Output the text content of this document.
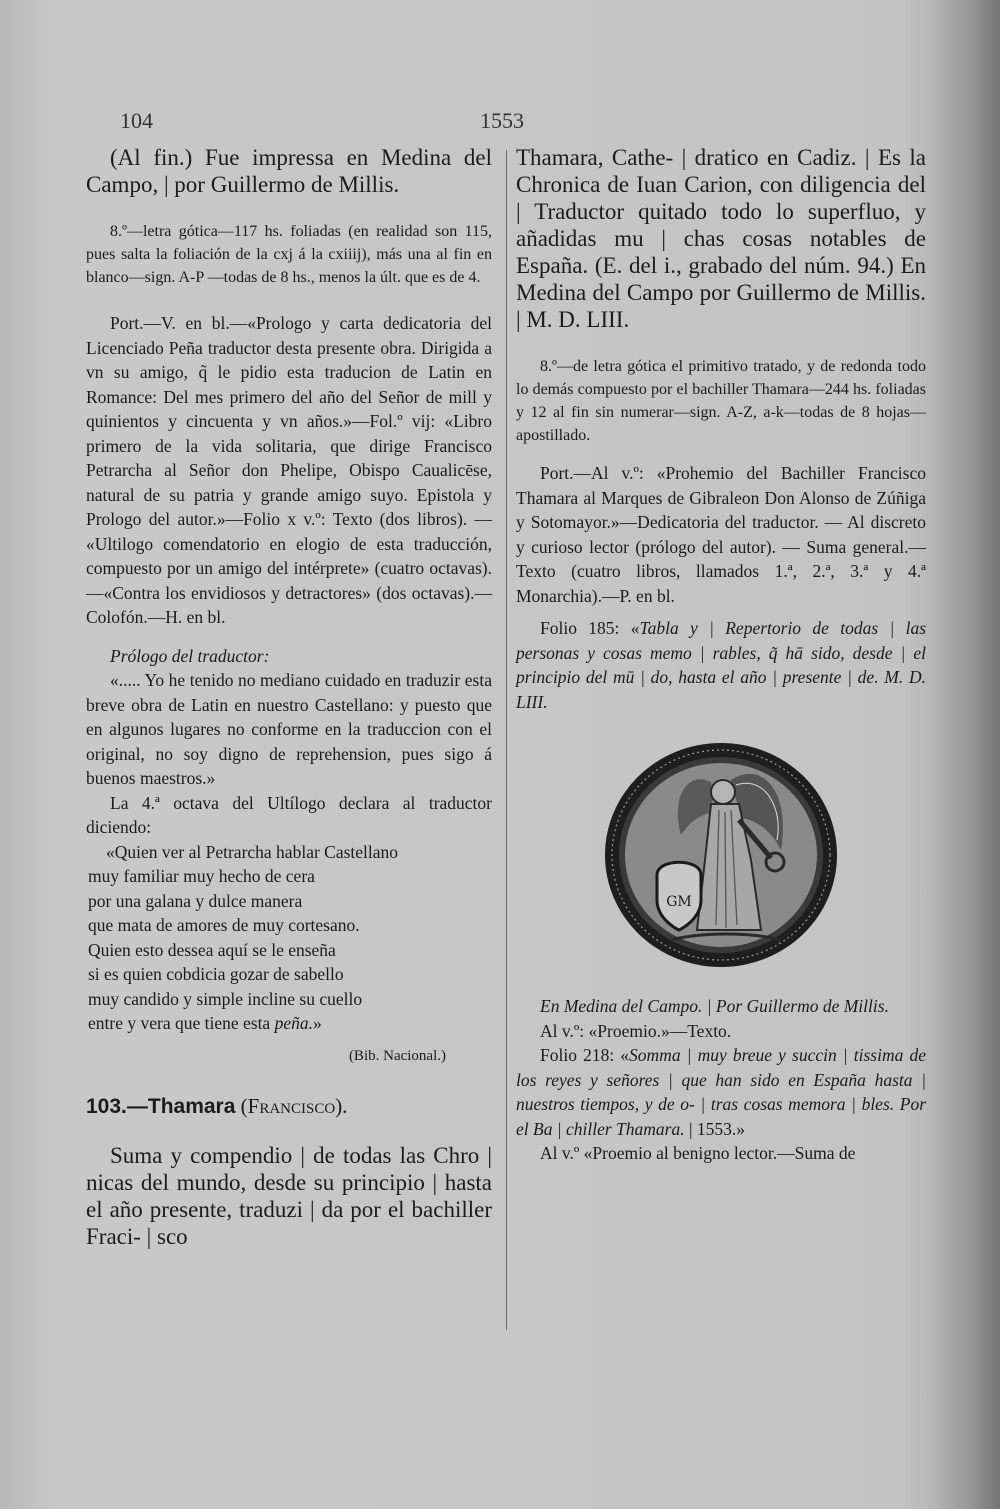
104	1553

(Al fin.) Fue impressa en Medina del Campo, | por Guillermo de Millis.

8.º—letra gótica—117 hs. foliadas (en realidad son 115, pues salta la foliación de la cxj á la cxiiij), más una al fin en blanco—sign. A-P —todas de 8 hs., menos la últ. que es de 4.

Port.—V. en bl.—«Prologo y carta dedicatoria del Licenciado Peña traductor desta presente obra. Dirigida a vn su amigo, q̃ le pidio esta traducion de Latin en Romance: Del mes primero del año del Señor de mill y quinientos y cincuenta y vn años.»—Fol.º vij: «Libro primero de la vida solitaria, que dirige Francisco Petrarcha al Señor don Phelipe, Obispo Caualicēse, natural de su patria y grande amigo suyo. Epistola y Prologo del autor.»—Folio x v.º: Texto (dos libros). — «Ultilogo comendatorio en elogio de esta traducción, compuesto por un amigo del intérprete» (cuatro octavas).—«Contra los envidiosos y detractores» (dos octavas).—Colofón.—H. en bl.

Prólogo del traductor:

«..... Yo he tenido no mediano cuidado en traduzir esta breve obra de Latin en nuestro Castellano: y puesto que en algunos lugares no conforme en la traduccion con el original, no soy digno de reprehension, pues sigo á buenos maestros.»

La 4.ª octava del Ultílogo declara al traductor diciendo:

«Quien ver al Petrarcha hablar Castellano
muy familiar muy hecho de cera
por una galana y dulce manera
que mata de amores de muy cortesano.
Quien esto dessea aquí se le enseña
si es quien cobdicia gozar de sabello
muy candido y simple incline su cuello
entre y vera que tiene esta peña.»
(Bib. Nacional.)
103.—Thamara (Francisco).

Suma y compendio | de todas las Chro | nicas del mundo, desde su principio | hasta el año presente, traduzi | da por el bachiller Fraci- | sco

Thamara, Cathe- | dratico en Cadiz. | Es la Chronica de Iuan Carion, con diligencia del | Traductor quitado todo lo superfluo, y añadidas mu | chas cosas notables de España. (E. del i., grabado del núm. 94.) En Medina del Campo por Guillermo de Millis. | M. D. LIII.

8.º—de letra gótica el primitivo tratado, y de redonda todo lo demás compuesto por el bachiller Thamara—244 hs. foliadas y 12 al fin sin numerar—sign. A-Z, a-k—todas de 8 hojas—apostillado.

Port.—Al v.º: «Prohemio del Bachiller Francisco Thamara al Marques de Gibraleon Don Alonso de Zúñiga y Sotomayor.»—Dedicatoria del traductor. — Al discreto y curioso lector (prólogo del autor). — Suma general.—Texto (cuatro libros, llamados 1.ª, 2.ª, 3.ª y 4.ª Monarchia).—P. en bl.

Folio 185: «Tabla y | Repertorio de todas | las personas y cosas memo | rables, q̃ hā sido, desde | el principio del mū | do, hasta el año | presente | de. M. D. LIII.

GM

En Medina del Campo. | Por Guillermo de Millis.

Al v.º: «Proemio.»—Texto.

Folio 218: «Somma | muy breue y succin | tissima de los reyes y señores | que han sido en España hasta | nuestros tiempos, y de o- | tras cosas memora | bles. Por el Ba | chiller Thamara. | 1553.»

Al v.º «Proemio al benigno lector.—Suma de
